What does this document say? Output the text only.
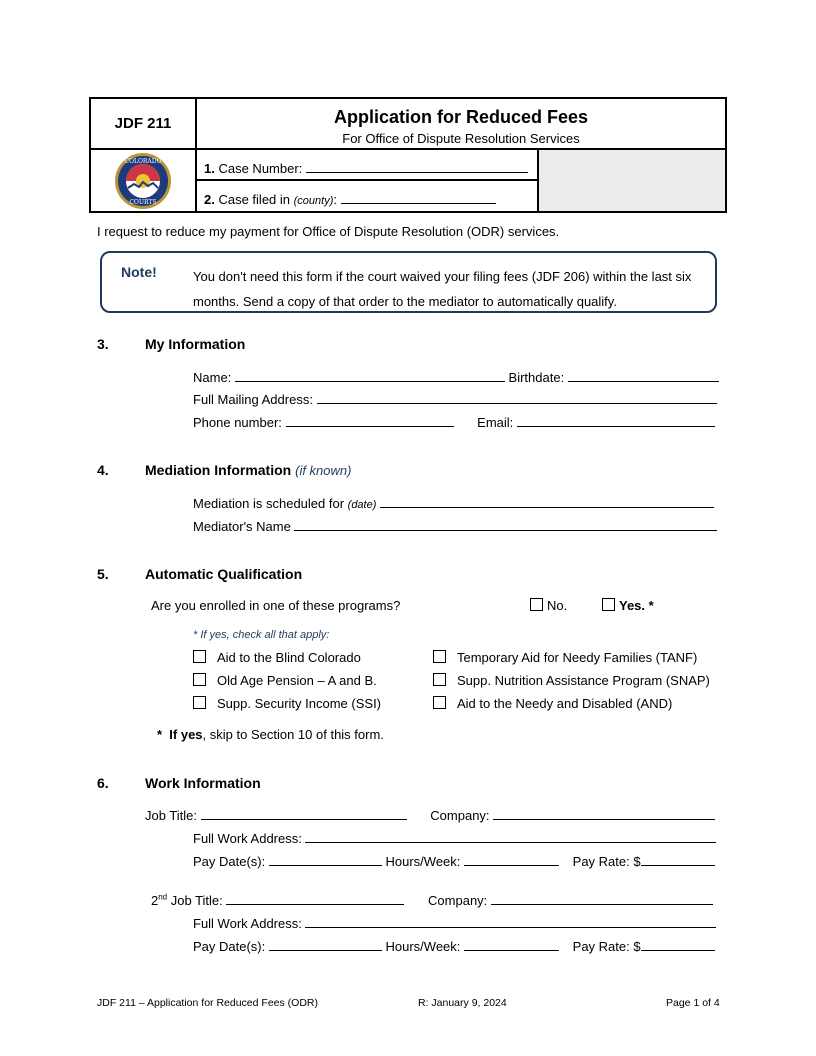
JDF 211	Application for Reduced Fees
For Office of Dispute Resolution Services
COLORADO
COURTS
1. Case Number:
2. Case filed in (county):
I request to reduce my payment for Office of Dispute Resolution (ODR) services.
Note!	You don't need this form if the court waived your filing fees (JDF 206) within the last six months. Send a copy of that order to the mediator to automatically qualify.
3.	My Information
Name:	Birthdate:
Full Mailing Address:
Phone number:	Email:
4.	Mediation Information (if known)
Mediation is scheduled for (date)
Mediator's Name
5.	Automatic Qualification
Are you enrolled in one of these programs?	No.	Yes. *
* If yes, check all that apply:
Aid to the Blind Colorado
Old Age Pension – A and B.
Supp. Security Income (SSI)
Temporary Aid for Needy Families (TANF)
Supp. Nutrition Assistance Program (SNAP)
Aid to the Needy and Disabled (AND)
* If yes, skip to Section 10 of this form.
6.	Work Information
Job Title:	Company:
Full Work Address:
Pay Date(s):	Hours/Week:	Pay Rate: $
2nd Job Title:	Company:
Full Work Address:
Pay Date(s):	Hours/Week:	Pay Rate: $
JDF 211 – Application for Reduced Fees (ODR)	R: January 9, 2024	Page 1 of 4
